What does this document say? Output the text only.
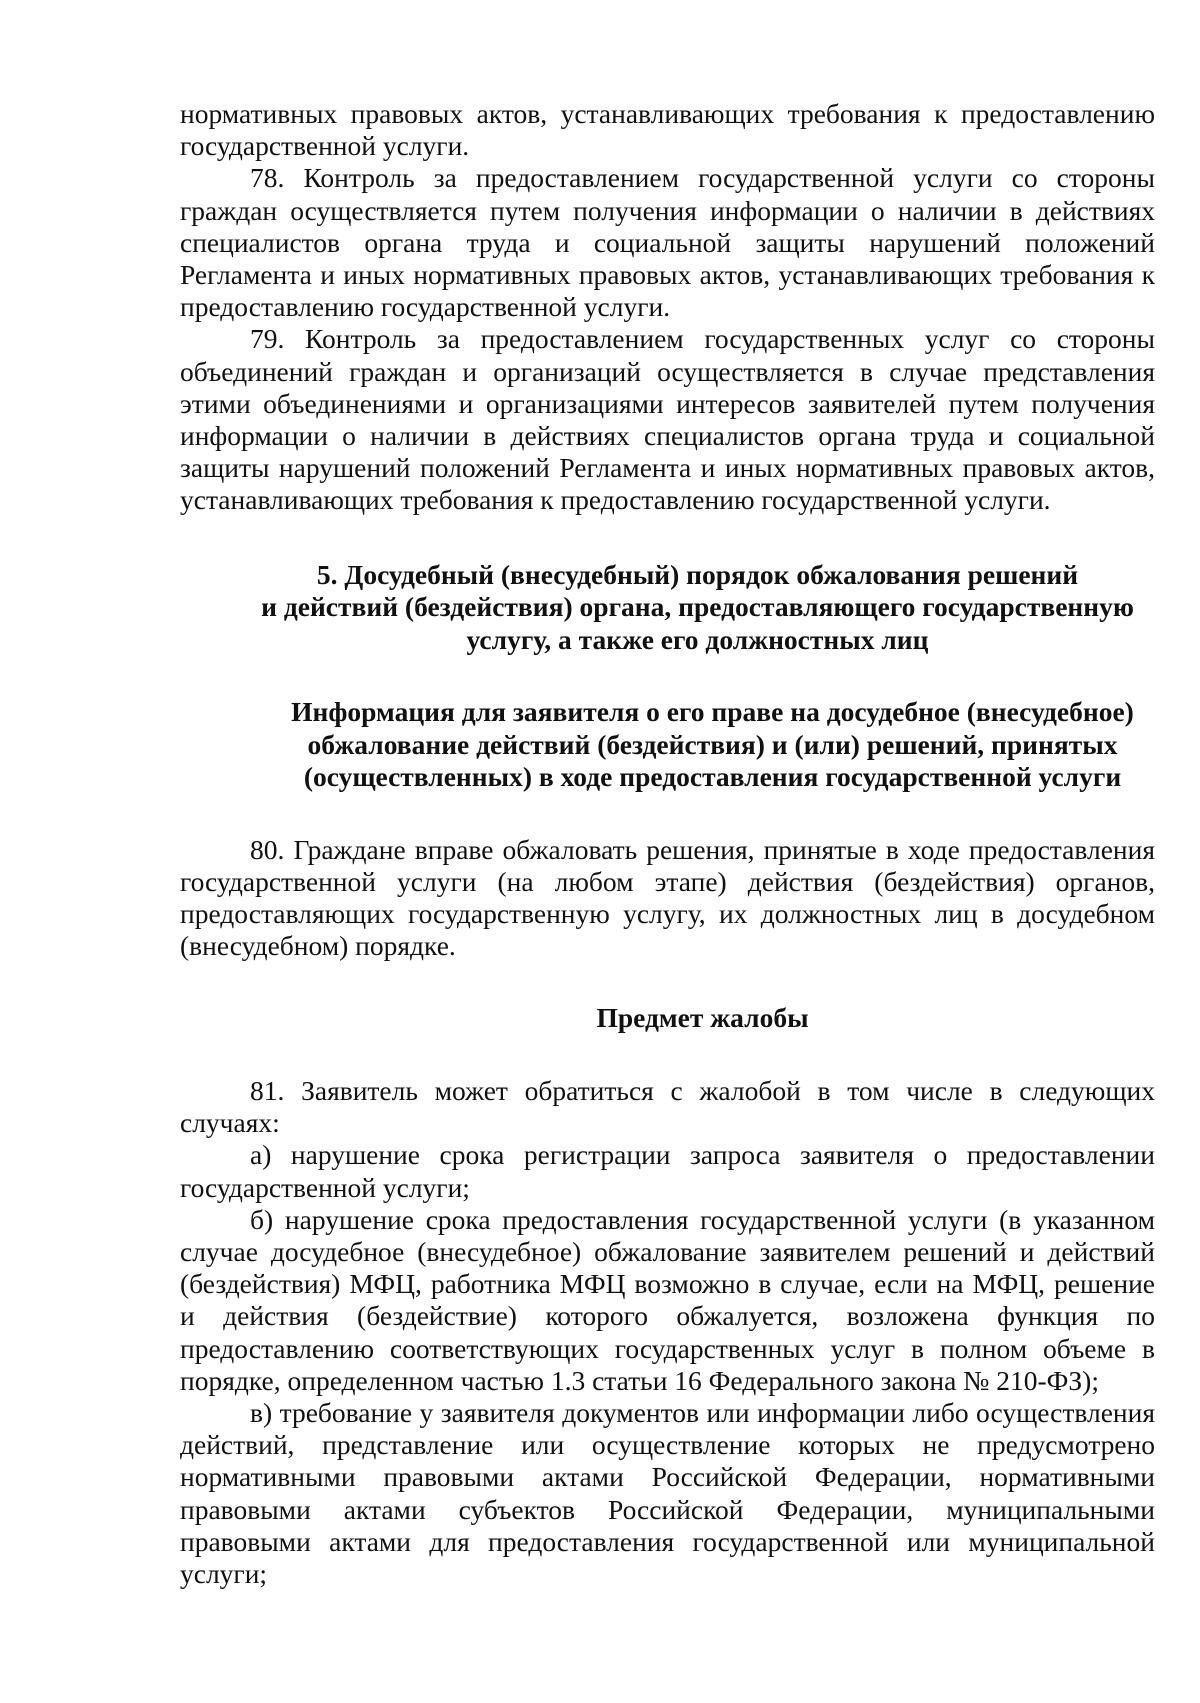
нормативных правовых актов, устанавливающих требования к предоставлению государственной услуги.

78. Контроль за предоставлением государственной услуги со стороны граждан осуществляется путем получения информации о наличии в действиях специалистов органа труда и социальной защиты нарушений положений Регламента и иных нормативных правовых актов, устанавливающих требования к предоставлению государственной услуги.

79. Контроль за предоставлением государственных услуг со стороны объединений граждан и организаций осуществляется в случае представления этими объединениями и организациями интересов заявителей путем получения информации о наличии в действиях специалистов органа труда и социальной защиты нарушений положений Регламента и иных нормативных правовых актов, устанавливающих требования к предоставлению государственной услуги.

5. Досудебный (внесудебный) порядок обжалования решений
и действий (бездействия) органа, предоставляющего государственную
услугу, а также его должностных лиц
Информация для заявителя о его праве на досудебное (внесудебное)
обжалование действий (бездействия) и (или) решений, принятых
(осуществленных) в ходе предоставления государственной услуги

80. Граждане вправе обжаловать решения, принятые в ходе предоставления государственной услуги (на любом этапе) действия (бездействия) органов, предоставляющих государственную услугу, их должностных лиц в досудебном (внесудебном) порядке.

Предмет жалобы

81. Заявитель может обратиться с жалобой в том числе в следующих случаях:

а) нарушение срока регистрации запроса заявителя о предоставлении государственной услуги;

б) нарушение срока предоставления государственной услуги (в указанном случае досудебное (внесудебное) обжалование заявителем решений и действий (бездействия) МФЦ, работника МФЦ возможно в случае, если на МФЦ, решение и действия (бездействие) которого обжалуется, возложена функция по предоставлению соответствующих государственных услуг в полном объеме в порядке, определенном частью 1.3 статьи 16 Федерального закона № 210-ФЗ);

в) требование у заявителя документов или информации либо осуществления действий, представление или осуществление которых не предусмотрено нормативными правовыми актами Российской Федерации, нормативными правовыми актами субъектов Российской Федерации, муниципальными правовыми актами для предоставления государственной или муниципальной услуги;
